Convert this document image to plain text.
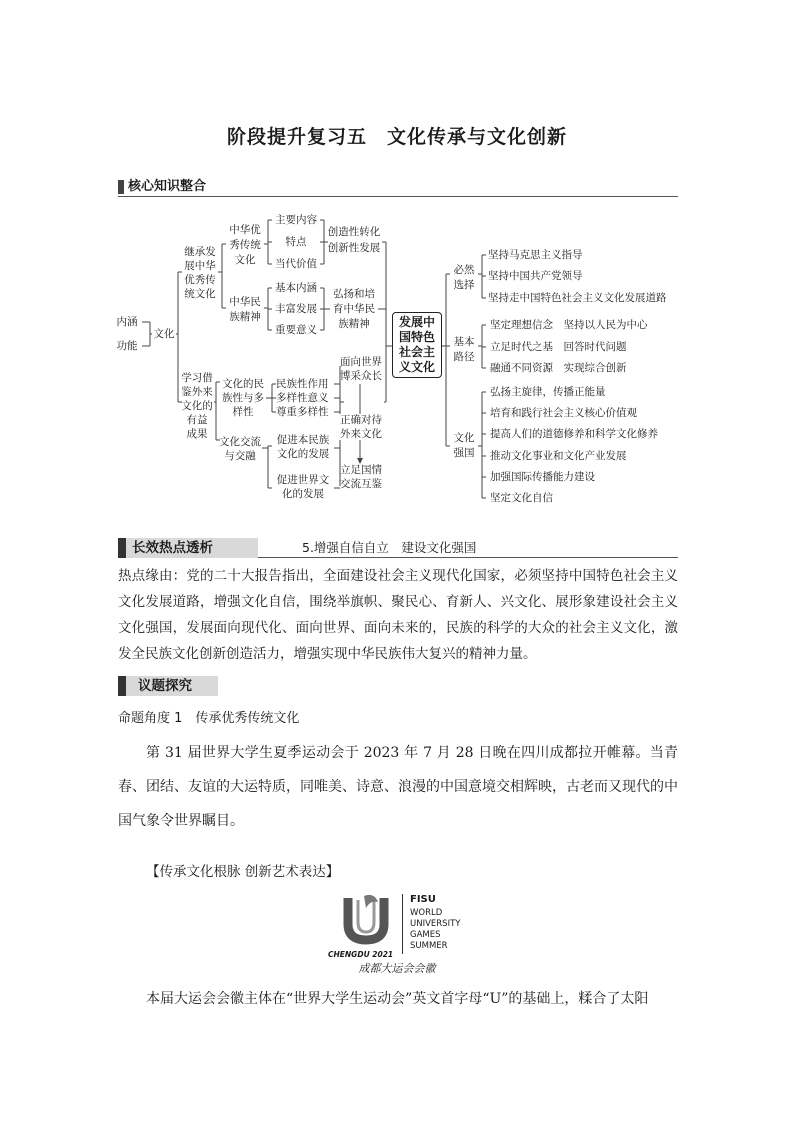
阶段提升复习五　文化传承与文化创新
核心知识整合
内涵
功能
文化
继承发
展中华
优秀传
统文化
中华优
秀传统
文化
主要内容
特点
当代价值
创造性转化
创新性发展
中华民
族精神
基本内涵
丰富发展
重要意义
弘扬和培
育中华民
族精神
学习借
鉴外来
文化的
有益
成果
文化的民
族性与多
样性
民族性作用
多样性意义
尊重多样性
文化交流
与交融
促进本民族
文化的发展
促进世界文
化的发展
面向世界
博采众长
正确对待
外来文化
立足国情
交流互鉴
发展中
国特色
社会主
义文化
必然
选择
坚持马克思主义指导
坚持中国共产党领导
坚持走中国特色社会主义文化发展道路
基本
路径
坚定理想信念　坚持以人民为中心
立足时代之基　回答时代问题
融通不同资源　实现综合创新
文化
强国
弘扬主旋律，传播正能量
培育和践行社会主义核心价值观
提高人们的道德修养和科学文化修养
推动文化事业和文化产业发展
加强国际传播能力建设
坚定文化自信
长效热点透析	5.增强自信自立　建设文化强国
热点缘由：党的二十大报告指出，全面建设社会主义现代化国家，必须坚持中国特色社会主义文化发展道路，增强文化自信，围绕举旗帜、聚民心、育新人、兴文化、展形象建设社会主义文化强国，发展面向现代化、面向世界、面向未来的，民族的科学的大众的社会主义文化，激发全民族文化创新创造活力，增强实现中华民族伟大复兴的精神力量。
议题探究
命题角度 1　传承优秀传统文化
第 31 届世界大学生夏季运动会于 2023 年 7 月 28 日晚在四川成都拉开帷幕。当青春、团结、友谊的大运特质，同唯美、诗意、浪漫的中国意境交相辉映，古老而又现代的中国气象令世界瞩目。
【传承文化根脉 创新艺术表达】
CHENGDU 2021
FISU
WORLD
UNIVERSITY
GAMES
SUMMER
成都大运会会徽
本届大运会会徽主体在“世界大学生运动会”英文首字母“U”的基础上，糅合了太阳
